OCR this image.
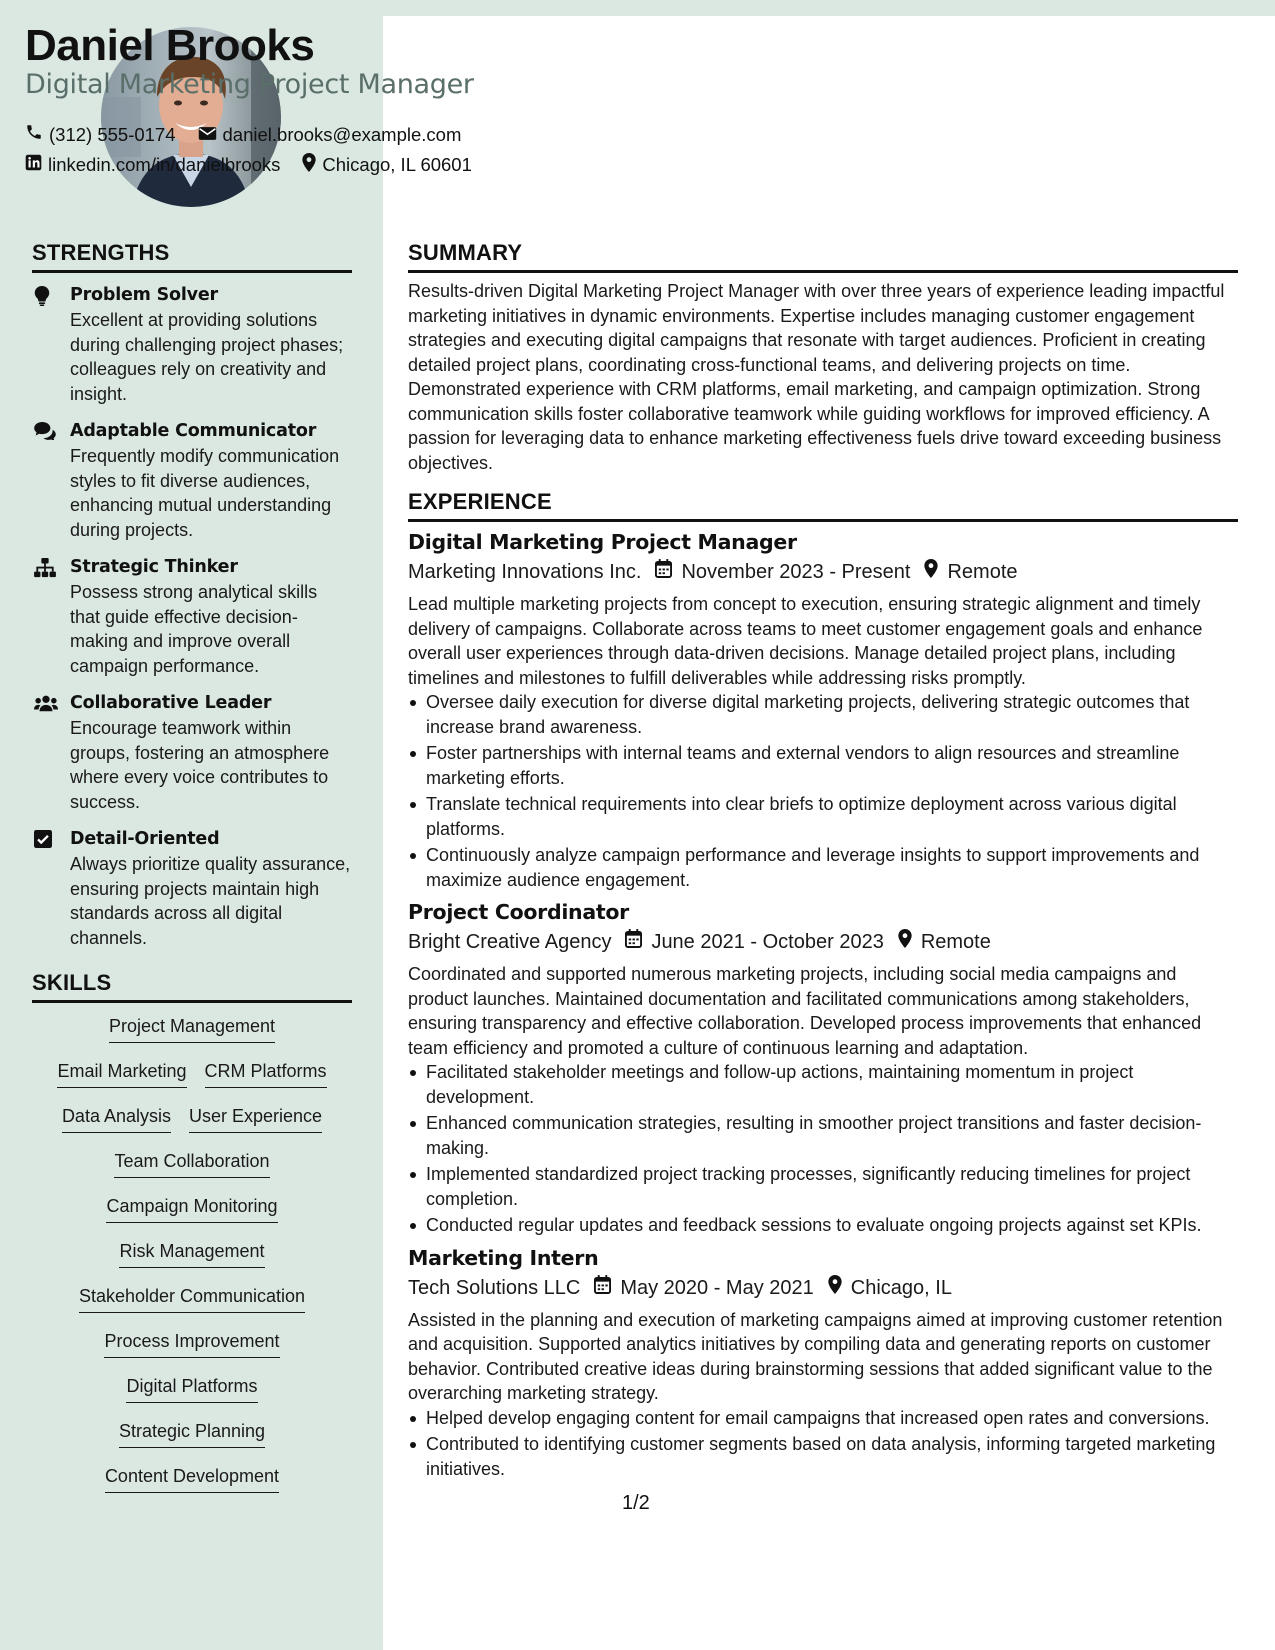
Daniel Brooks
Digital Marketing Project Manager
(312) 555-0174	daniel.brooks@example.com
linkedin.com/in/danielbrooks Chicago, IL 60601
STRENGTHS
Problem Solver
Excellent at providing solutions during challenging project phases; colleagues rely on creativity and insight.
Adaptable Communicator
Frequently modify communication styles to fit diverse audiences, enhancing mutual understanding during projects.
Strategic Thinker
Possess strong analytical skills that guide effective decision-making and improve overall campaign performance.
Collaborative Leader
Encourage teamwork within groups, fostering an atmosphere where every voice contributes to success.
Detail-Oriented
Always prioritize quality assurance, ensuring projects maintain high standards across all digital channels.
SKILLS
Project Management
Email Marketing CRM Platforms
Data Analysis User Experience
Team Collaboration
Campaign Monitoring
Risk Management
Stakeholder Communication
Process Improvement
Digital Platforms
Strategic Planning
Content Development
SUMMARY

Results-driven Digital Marketing Project Manager with over three years of experience leading impactful marketing initiatives in dynamic environments. Expertise includes managing customer engagement strategies and executing digital campaigns that resonate with target audiences. Proficient in creating detailed project plans, coordinating cross-functional teams, and delivering projects on time. Demonstrated experience with CRM platforms, email marketing, and campaign optimization. Strong communication skills foster collaborative teamwork while guiding workflows for improved efficiency. A passion for leveraging data to enhance marketing effectiveness fuels drive toward exceeding business objectives.

EXPERIENCE
Digital Marketing Project Manager
Marketing Innovations Inc. November 2023 - Present Remote

Lead multiple marketing projects from concept to execution, ensuring strategic alignment and timely delivery of campaigns. Collaborate across teams to meet customer engagement goals and enhance overall user experiences through data-driven decisions. Manage detailed project plans, including timelines and milestones to fulfill deliverables while addressing risks promptly.

Oversee daily execution for diverse digital marketing projects, delivering strategic outcomes that increase brand awareness.
Foster partnerships with internal teams and external vendors to align resources and streamline marketing efforts.
Translate technical requirements into clear briefs to optimize deployment across various digital platforms.
Continuously analyze campaign performance and leverage insights to support improvements and maximize audience engagement.
Project Coordinator
Bright Creative Agency June 2021 - October 2023 Remote

Coordinated and supported numerous marketing projects, including social media campaigns and product launches. Maintained documentation and facilitated communications among stakeholders, ensuring transparency and effective collaboration. Developed process improvements that enhanced team efficiency and promoted a culture of continuous learning and adaptation.

Facilitated stakeholder meetings and follow-up actions, maintaining momentum in project development.
Enhanced communication strategies, resulting in smoother project transitions and faster decision-making.
Implemented standardized project tracking processes, significantly reducing timelines for project completion.
Conducted regular updates and feedback sessions to evaluate ongoing projects against set KPIs.
Marketing Intern
Tech Solutions LLC May 2020 - May 2021 Chicago, IL

Assisted in the planning and execution of marketing campaigns aimed at improving customer retention and acquisition. Supported analytics initiatives by compiling data and generating reports on customer behavior. Contributed creative ideas during brainstorming sessions that added significant value to the overarching marketing strategy.

Helped develop engaging content for email campaigns that increased open rates and conversions.
Contributed to identifying customer segments based on data analysis, informing targeted marketing initiatives.
1/2
